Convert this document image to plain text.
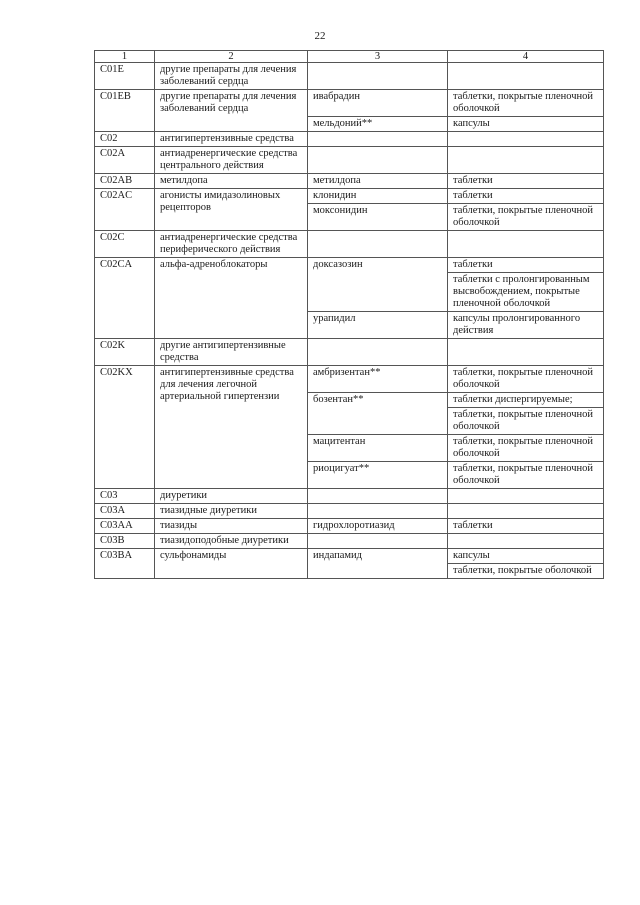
22
1	2	3	4
C01E	другие препараты для лечения заболеваний сердца		
C01EB	другие препараты для лечения заболеваний сердца	ивабрадин	таблетки, покрытые пленочной оболочкой
		мельдоний**	капсулы
C02	антигипертензивные средства		
C02A	антиадренергические средства центрального действия		
C02AB	метилдопа	метилдопа	таблетки
C02AC	агонисты имидазолиновых рецепторов	клонидин	таблетки
		моксонидин	таблетки, покрытые пленочной оболочкой
C02C	антиадренергические средства периферического действия		
C02CA	альфа-адреноблокаторы	доксазозин	таблетки
			таблетки с пролонгированным высвобождением, покрытые пленочной оболочкой
		урапидил	капсулы пролонгированного действия
C02K	другие антигипертензивные средства		
C02KX	антигипертензивные средства для лечения легочной артериальной гипертензии	амбризентан**	таблетки, покрытые пленочной оболочкой
		бозентан**	таблетки диспергируемые;
			таблетки, покрытые пленочной оболочкой
		мацитентан	таблетки, покрытые пленочной оболочкой
		риоцигуат**	таблетки, покрытые пленочной оболочкой
C03	диуретики		
C03A	тиазидные диуретики		
C03AA	тиазиды	гидрохлоротиазид	таблетки
C03B	тиазидоподобные диуретики		
C03BA	сульфонамиды	индапамид	капсулы
			таблетки, покрытые оболочкой
